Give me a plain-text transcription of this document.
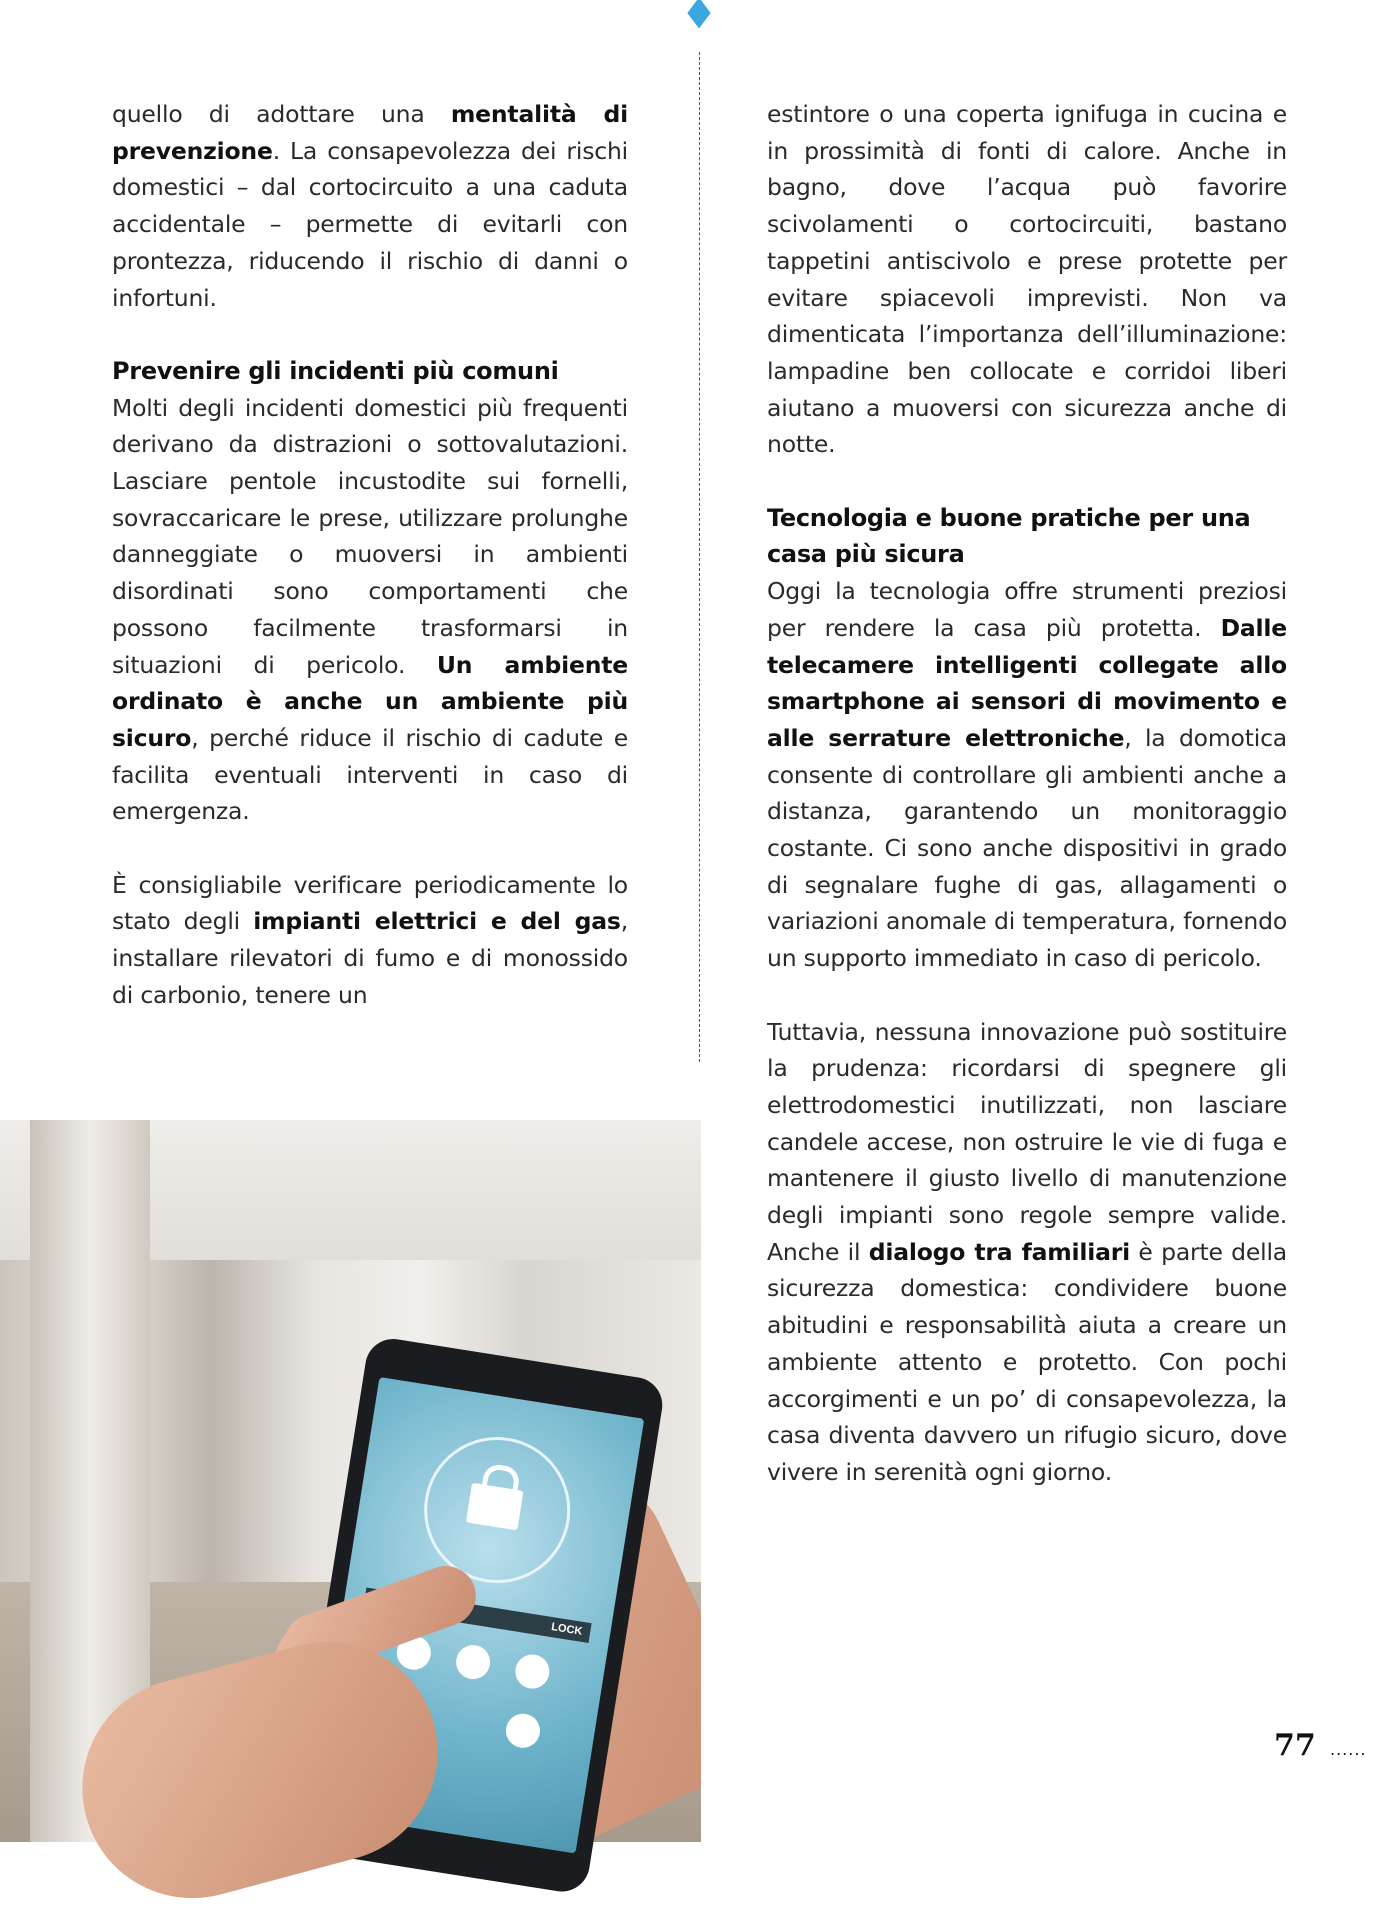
quello di adottare una mentalità di prevenzione. La consapevolezza dei rischi domestici – dal cortocircuito a una caduta accidentale – permette di evitarli con prontezza, riducendo il rischio di danni o infortuni.

Prevenire gli incidenti più comuni

Molti degli incidenti domestici più frequenti derivano da distrazioni o sottovalutazioni. Lasciare pentole incustodite sui fornelli, sovraccaricare le prese, utilizzare prolunghe danneggiate o muoversi in ambienti disordinati sono comportamenti che possono facilmente trasformarsi in situazioni di pericolo. Un ambiente ordinato è anche un ambiente più sicuro, perché riduce il rischio di cadute e facilita eventuali interventi in caso di emergenza.

È consigliabile verificare periodicamente lo stato degli impianti elettrici e del gas, installare rilevatori di fumo e di monossido di carbonio, tenere un

estintore o una coperta ignifuga in cucina e in prossimità di fonti di calore. Anche in bagno, dove l’acqua può favorire scivolamenti o cortocircuiti, bastano tappetini antiscivolo e prese protette per evitare spiacevoli imprevisti. Non va dimenticata l’importanza dell’illuminazione: lampadine ben collocate e corridoi liberi aiutano a muoversi con sicurezza anche di notte.

Tecnologia e buone pratiche per una casa più sicura

Oggi la tecnologia offre strumenti preziosi per rendere la casa più protetta. Dalle telecamere intelligenti collegate allo smartphone ai sensori di movimento e alle serrature elettroniche, la domotica consente di controllare gli ambienti anche a distanza, garantendo un monitoraggio costante. Ci sono anche dispositivi in grado di segnalare fughe di gas, allagamenti o variazioni anomale di temperatura, fornendo un supporto immediato in caso di pericolo.

Tuttavia, nessuna innovazione può sostituire la prudenza: ricordarsi di spegnere gli elettrodomestici inutilizzati, non lasciare candele accese, non ostruire le vie di fuga e mantenere il giusto livello di manutenzione degli impianti sono regole sempre valide. Anche il dialogo tra familiari è parte della sicurezza domestica: condividere buone abitudini e responsabilità aiuta a creare un ambiente attento e protetto. Con pochi accorgimenti e un po’ di consapevolezza, la casa diventa davvero un rifugio sicuro, dove vivere in serenità ogni giorno.

LOCK
77 ......
